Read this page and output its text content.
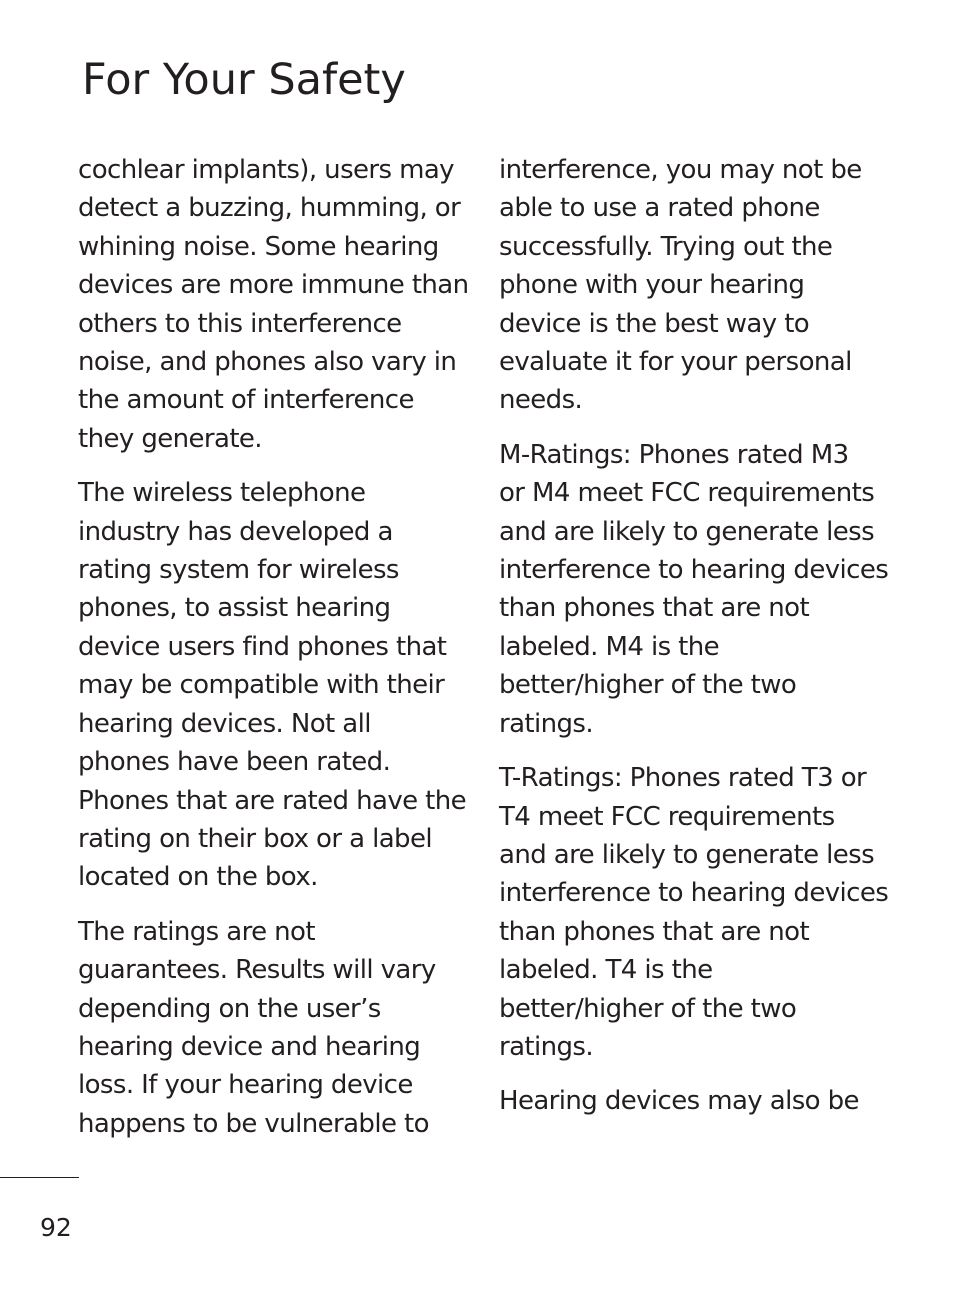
For Your Safety

cochlear implants), users may
detect a buzzing, humming, or
whining noise. Some hearing
devices are more immune than
others to this interference
noise, and phones also vary in
the amount of interference
they generate.

The wireless telephone
industry has developed a
rating system for wireless
phones, to assist hearing
device users find phones that
may be compatible with their
hearing devices. Not all
phones have been rated.
Phones that are rated have the
rating on their box or a label
located on the box.

The ratings are not
guarantees. Results will vary
depending on the user’s
hearing device and hearing
loss. If your hearing device
happens to be vulnerable to

interference, you may not be
able to use a rated phone
successfully. Trying out the
phone with your hearing
device is the best way to
evaluate it for your personal
needs.

M-Ratings: Phones rated M3
or M4 meet FCC requirements
and are likely to generate less
interference to hearing devices
than phones that are not
labeled. M4 is the
better/higher of the two
ratings.

T-Ratings: Phones rated T3 or
T4 meet FCC requirements
and are likely to generate less
interference to hearing devices
than phones that are not
labeled. T4 is the
better/higher of the two
ratings.

Hearing devices may also be

92
